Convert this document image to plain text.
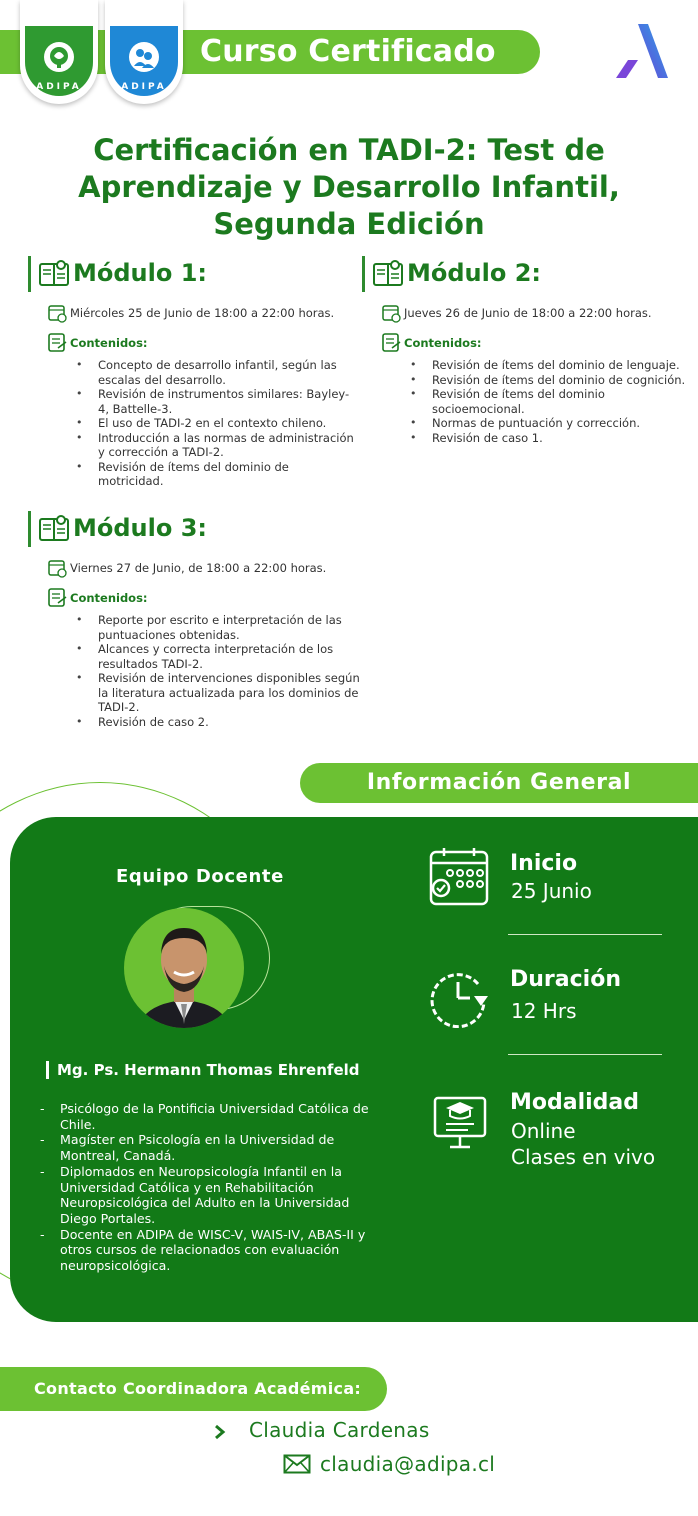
Curso Certificado
ADIPA	ADIPA
Certificación en TADI-2: Test de
Aprendizaje y Desarrollo Infantil,
Segunda Edición
Módulo 1:
Miércoles 25 de Junio de 18:00 a 22:00 horas.
Contenidos:
• Concepto de desarrollo infantil, según las escalas del desarrollo.
• Revisión de instrumentos similares: Bayley-4, Battelle-3.
• El uso de TADI-2 en el contexto chileno.
• Introducción a las normas de administración y corrección a TADI-2.
• Revisión de ítems del dominio de motricidad.
Módulo 2:
Jueves 26 de Junio de 18:00 a 22:00 horas.
Contenidos:
• Revisión de ítems del dominio de lenguaje.
• Revisión de ítems del dominio de cognición.
• Revisión de ítems del dominio socioemocional.
• Normas de puntuación y corrección.
• Revisión de caso 1.
Módulo 3:
Viernes 27 de Junio, de 18:00 a 22:00 horas.
Contenidos:
• Reporte por escrito e interpretación de las puntuaciones obtenidas.
• Alcances y correcta interpretación de los resultados TADI-2.
• Revisión de intervenciones disponibles según la literatura actualizada para los dominios de TADI-2.
• Revisión de caso 2.
Información General
Equipo Docente
Mg. Ps. Hermann Thomas Ehrenfeld
- Psicólogo de la Pontificia Universidad Católica de Chile.
- Magíster en Psicología en la Universidad de Montreal, Canadá.
- Diplomados en Neuropsicología Infantil en la Universidad Católica y en Rehabilitación Neuropsicológica del Adulto en la Universidad Diego Portales.
- Docente en ADIPA de WISC-V, WAIS-IV, ABAS-II y otros cursos de relacionados con evaluación neuropsicológica.
Inicio
25 Junio
Duración
12 Hrs
Modalidad
Online
Clases en vivo
Contacto Coordinadora Académica:
Claudia Cardenas
claudia@adipa.cl
